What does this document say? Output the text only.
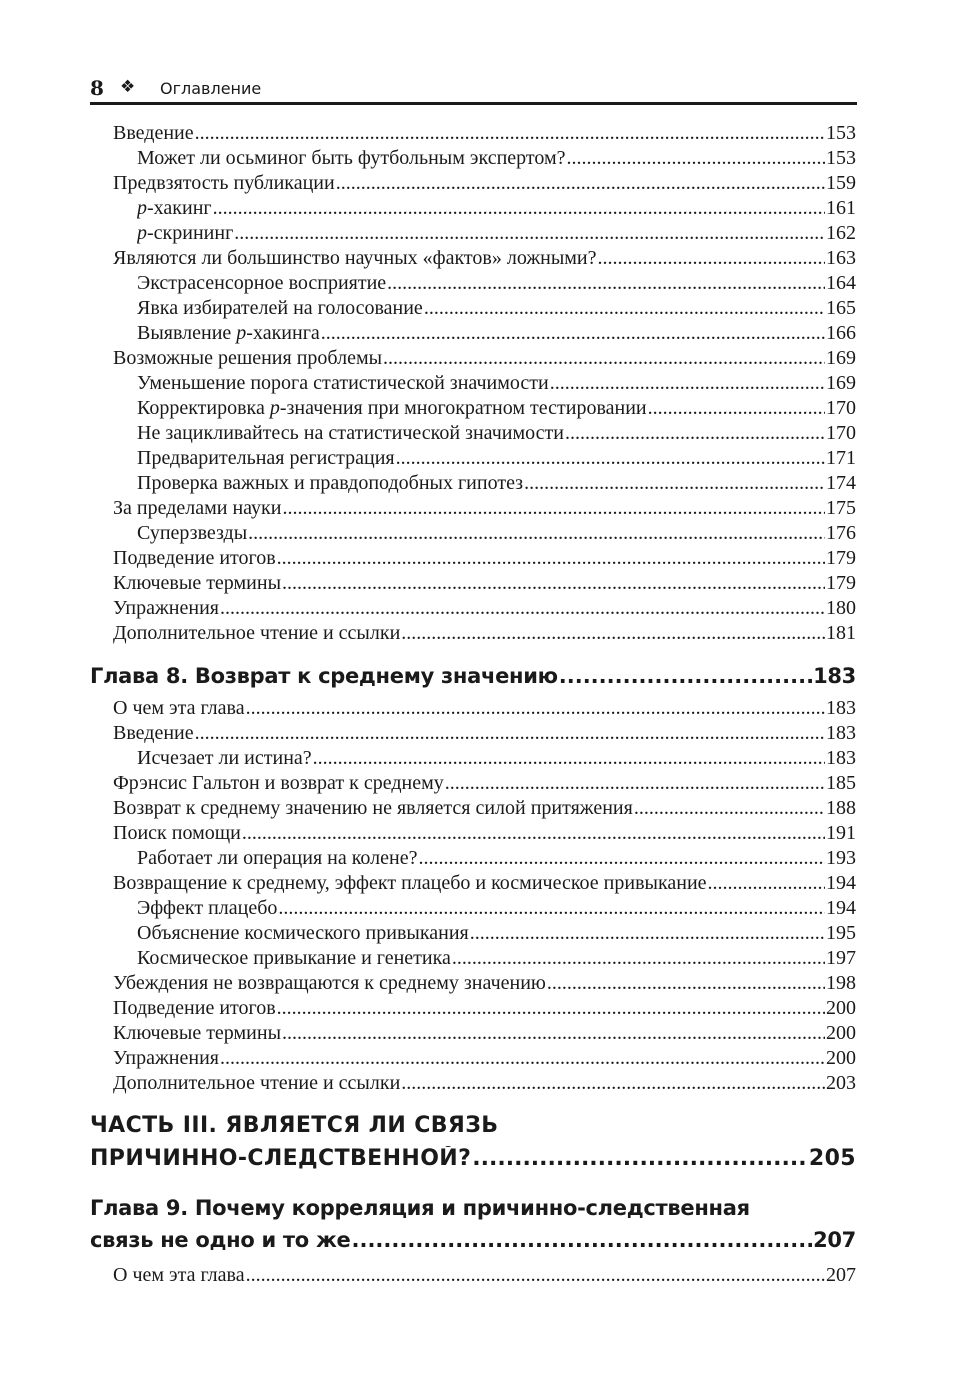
8 ❖ Оглавление
Введение .....	153
Может ли осьминог быть футбольным экспертом? .....	153
Предвзятость публикации .....	159
p-хакинг .....	161
p-скрининг .....	162
Являются ли большинство научных «фактов» ложными? .....	163
Экстрасенсорное восприятие .....	164
Явка избирателей на голосование .....	165
Выявление p-хакинга .....	166
Возможные решения проблемы .....	169
Уменьшение порога статистической значимости .....	169
Корректировка p-значения при многократном тестировании .....	170
Не зацикливайтесь на статистической значимости .....	170
Предварительная регистрация .....	171
Проверка важных и правдоподобных гипотез .....	174
За пределами науки .....	175
Суперзвезды .....	176
Подведение итогов .....	179
Ключевые термины .....	179
Упражнения .....	180
Дополнительное чтение и ссылки .....	181
Глава 8. Возврат к среднему значению .....	183
О чем эта глава .....	183
Введение .....	183
Исчезает ли истина? .....	183
Фрэнсис Гальтон и возврат к среднему .....	185
Возврат к среднему значению не является силой притяжения .....	188
Поиск помощи .....	191
Работает ли операция на колене? .....	193
Возвращение к среднему, эффект плацебо и космическое привыкание .....	194
Эффект плацебо .....	194
Объяснение космического привыкания .....	195
Космическое привыкание и генетика .....	197
Убеждения не возвращаются к среднему значению .....	198
Подведение итогов .....	200
Ключевые термины .....	200
Упражнения .....	200
Дополнительное чтение и ссылки .....	203
ЧАСТЬ III. ЯВЛЯЕТСЯ ЛИ СВЯЗЬ
ПРИЧИННО-СЛЕДСТВЕННОЙ? .....	205
Глава 9. Почему корреляция и причинно-следственная
связь не одно и то же .....	207
О чем эта глава .....	207
